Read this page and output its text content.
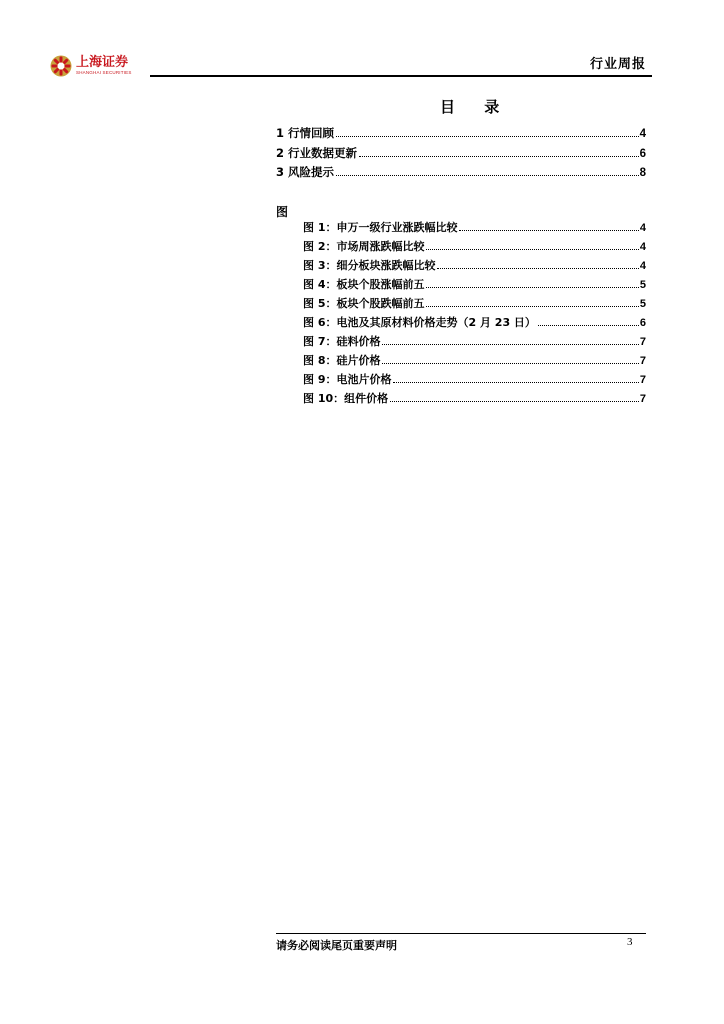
上海证券
SHANGHAI SECURITIES
行业周报
目 录
1 行情回顾	4
2 行业数据更新	6
3 风险提示	8
图
图 1：申万一级行业涨跌幅比较	4
图 2：市场周涨跌幅比较	4
图 3：细分板块涨跌幅比较	4
图 4：板块个股涨幅前五	5
图 5：板块个股跌幅前五	5
图 6：电池及其原材料价格走势（2 月 23 日）	6
图 7：硅料价格	7
图 8：硅片价格	7
图 9：电池片价格	7
图 10：组件价格	7
请务必阅读尾页重要声明	3
